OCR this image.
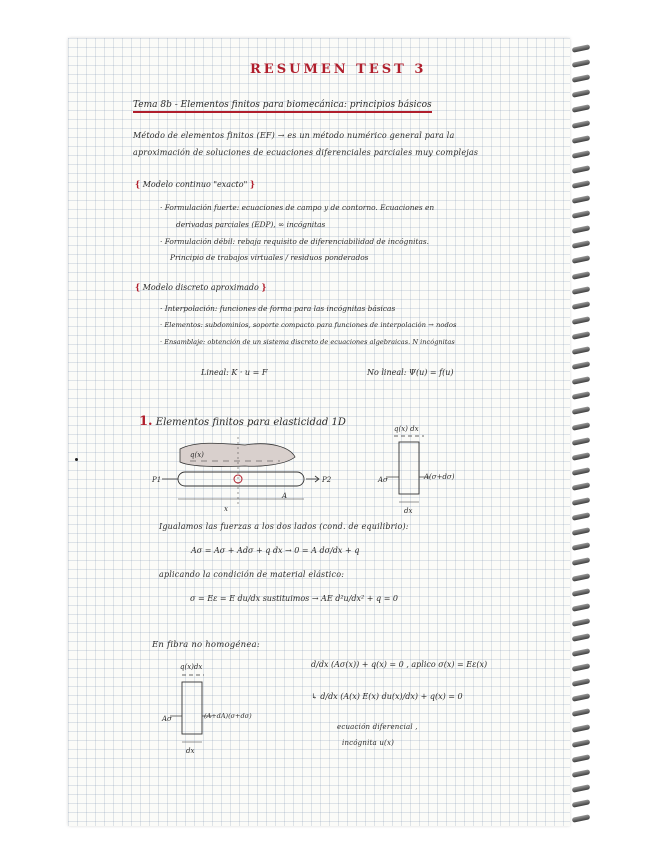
RESUMEN TEST 3
Tema 8b - Elementos finitos para biomecánica: principios básicos
Método de elementos finitos (EF) → es un método numérico general para la
aproximación de soluciones de ecuaciones diferenciales parciales muy complejas
{ Modelo continuo "exacto" }
· Formulación fuerte: ecuaciones de campo y de contorno. Ecuaciones en
derivadas parciales (EDP), ∞ incógnitas
· Formulación débil: rebaja requisito de diferenciabilidad de incógnitas.
Principio de trabajos virtuales / residuos ponderados
{ Modelo discreto aproximado }
· Interpolación: funciones de forma para las incógnitas básicas
· Elementos: subdominios, soporte compacto para funciones de interpolación → nodos
· Ensamblaje: obtención de un sistema discreto de ecuaciones algebraicas. N incógnitas
Lineal: K · u = F	No lineal: Ψ(u) = f(u)
1. Elementos finitos para elasticidad 1D
q(x)
P1	P2
A
x
q(x) dx
Aσ	A(σ+dσ)
dx
Igualamos las fuerzas a los dos lados (cond. de equilibrio):
Aσ = Aσ + Adσ + q dx → 0 = A dσ/dx + q
aplicando la condición de material elástico:
σ = Eε = E du/dx sustituimos → AE d²u/dx² + q = 0
En fibra no homogénea:
q(x)dx
Aσ	(A+dA)(σ+dσ)
dx
d/dx (Aσ(x)) + q(x) = 0 , aplico σ(x) = Eε(x)
↳ d/dx (A(x) E(x) du(x)/dx) + q(x) = 0
ecuación diferencial ,
incógnita u(x)
